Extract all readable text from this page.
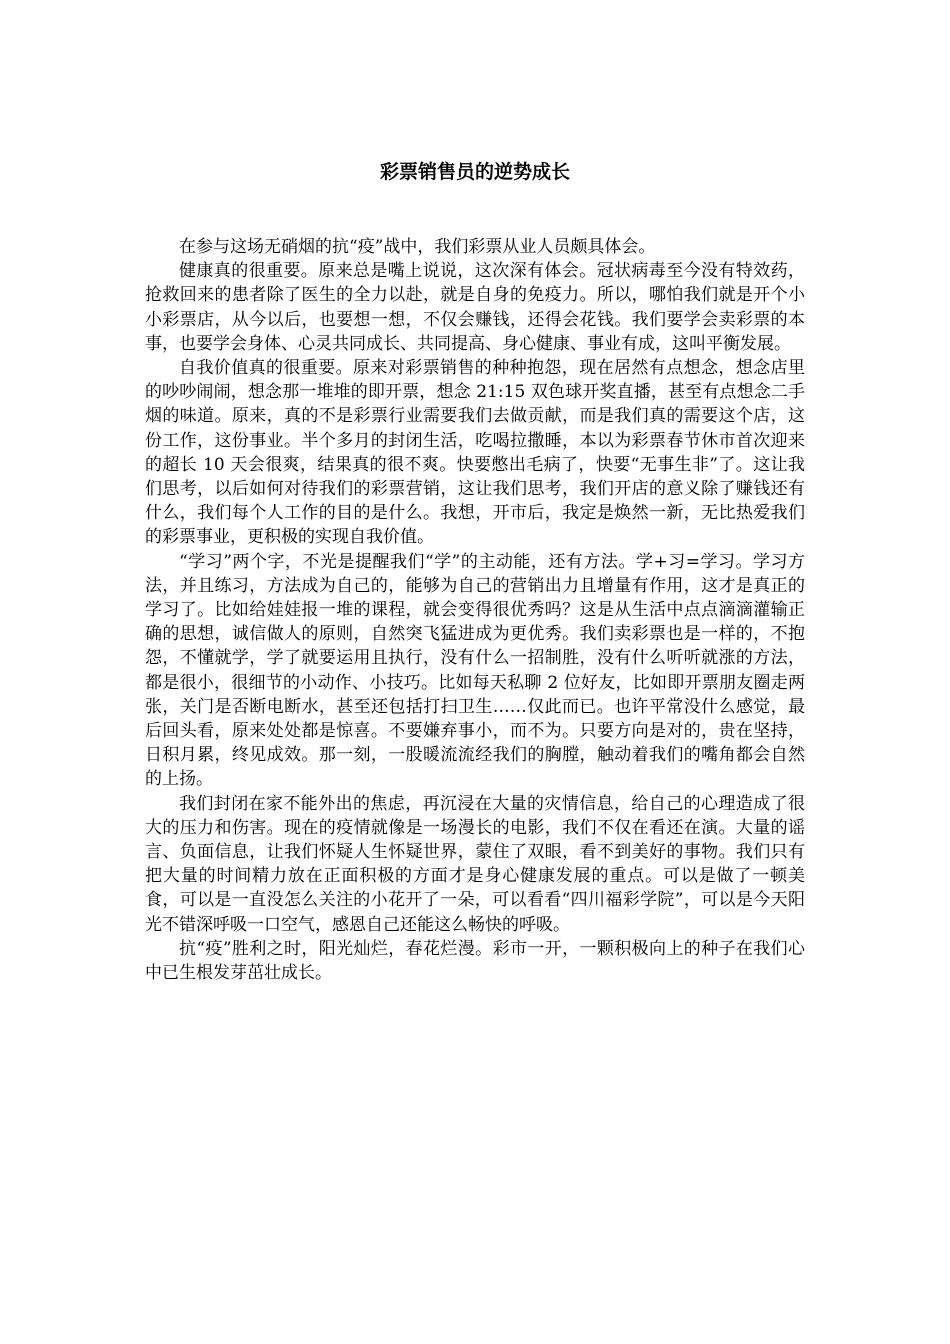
彩票销售员的逆势成长

在参与这场无硝烟的抗“疫”战中，我们彩票从业人员颇具体会。

健康真的很重要。原来总是嘴上说说，这次深有体会。冠状病毒至今没有特效药，抢救回来的患者除了医生的全力以赴，就是自身的免疫力。所以，哪怕我们就是开个小小彩票店，从今以后，也要想一想，不仅会赚钱，还得会花钱。我们要学会卖彩票的本事，也要学会身体、心灵共同成长、共同提高、身心健康、事业有成，这叫平衡发展。

自我价值真的很重要。原来对彩票销售的种种抱怨，现在居然有点想念，想念店里的吵吵闹闹，想念那一堆堆的即开票，想念 21:15 双色球开奖直播，甚至有点想念二手烟的味道。原来，真的不是彩票行业需要我们去做贡献，而是我们真的需要这个店，这份工作，这份事业。半个多月的封闭生活，吃喝拉撒睡，本以为彩票春节休市首次迎来的超长 10 天会很爽，结果真的很不爽。快要憋出毛病了，快要“无事生非”了。这让我们思考，以后如何对待我们的彩票营销，这让我们思考，我们开店的意义除了赚钱还有什么，我们每个人工作的目的是什么。我想，开市后，我定是焕然一新，无比热爱我们的彩票事业，更积极的实现自我价值。

“学习”两个字，不光是提醒我们“学”的主动能，还有方法。学+习=学习。学习方法，并且练习，方法成为自己的，能够为自己的营销出力且增量有作用，这才是真正的学习了。比如给娃娃报一堆的课程，就会变得很优秀吗？这是从生活中点点滴滴灌输正确的思想，诚信做人的原则，自然突飞猛进成为更优秀。我们卖彩票也是一样的，不抱怨，不懂就学，学了就要运用且执行，没有什么一招制胜，没有什么听听就涨的方法，都是很小，很细节的小动作、小技巧。比如每天私聊 2 位好友，比如即开票朋友圈走两张，关门是否断电断水，甚至还包括打扫卫生……仅此而已。也许平常没什么感觉，最后回头看，原来处处都是惊喜。不要嫌弃事小，而不为。只要方向是对的，贵在坚持，日积月累，终见成效。那一刻，一股暖流流经我们的胸膛，触动着我们的嘴角都会自然的上扬。

我们封闭在家不能外出的焦虑，再沉浸在大量的灾情信息，给自己的心理造成了很大的压力和伤害。现在的疫情就像是一场漫长的电影，我们不仅在看还在演。大量的谣言、负面信息，让我们怀疑人生怀疑世界，蒙住了双眼，看不到美好的事物。我们只有把大量的时间精力放在正面积极的方面才是身心健康发展的重点。可以是做了一顿美食，可以是一直没怎么关注的小花开了一朵，可以看看“四川福彩学院”，可以是今天阳光不错深呼吸一口空气，感恩自己还能这么畅快的呼吸。

抗“疫”胜利之时，阳光灿烂，春花烂漫。彩市一开，一颗积极向上的种子在我们心中已生根发芽茁壮成长。
